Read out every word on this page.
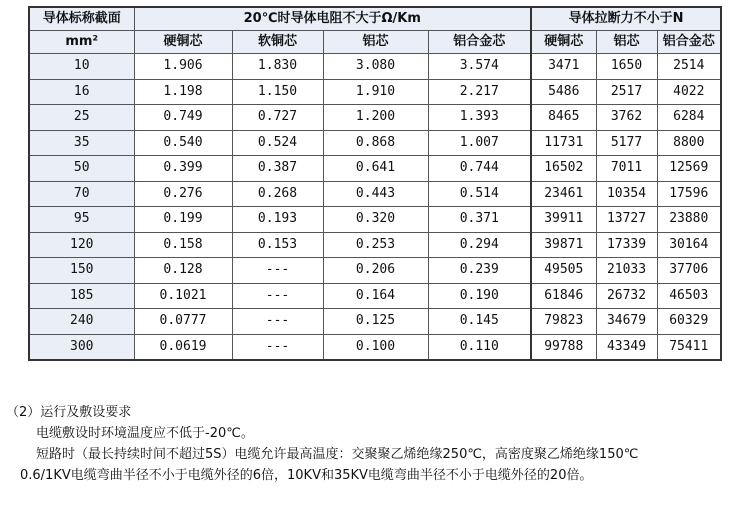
导体标称截面	20℃时导体电阻不大于Ω/Km				导体拉断力不小于N		
mm²	硬铜芯	软铜芯	铝芯	铝合金芯	硬铜芯	铝芯	铝合金芯
10	1.906	1.830	3.080	3.574	3471	1650	2514
16	1.198	1.150	1.910	2.217	5486	2517	4022
25	0.749	0.727	1.200	1.393	8465	3762	6284
35	0.540	0.524	0.868	1.007	11731	5177	8800
50	0.399	0.387	0.641	0.744	16502	7011	12569
70	0.276	0.268	0.443	0.514	23461	10354	17596
95	0.199	0.193	0.320	0.371	39911	13727	23880
120	0.158	0.153	0.253	0.294	39871	17339	30164
150	0.128	---	0.206	0.239	49505	21033	37706
185	0.1021	---	0.164	0.190	61846	26732	46503
240	0.0777	---	0.125	0.145	79823	34679	60329
300	0.0619	---	0.100	0.110	99788	43349	75411
（2）运行及敷设要求
电缆敷设时环境温度应不低于-20℃。
短路时（最长持续时间不超过5S）电缆允许最高温度：交聚聚乙烯绝缘250℃，高密度聚乙烯绝缘150℃
0.6/1KV电缆弯曲半径不小于电缆外径的6倍，10KV和35KV电缆弯曲半径不小于电缆外径的20倍。
